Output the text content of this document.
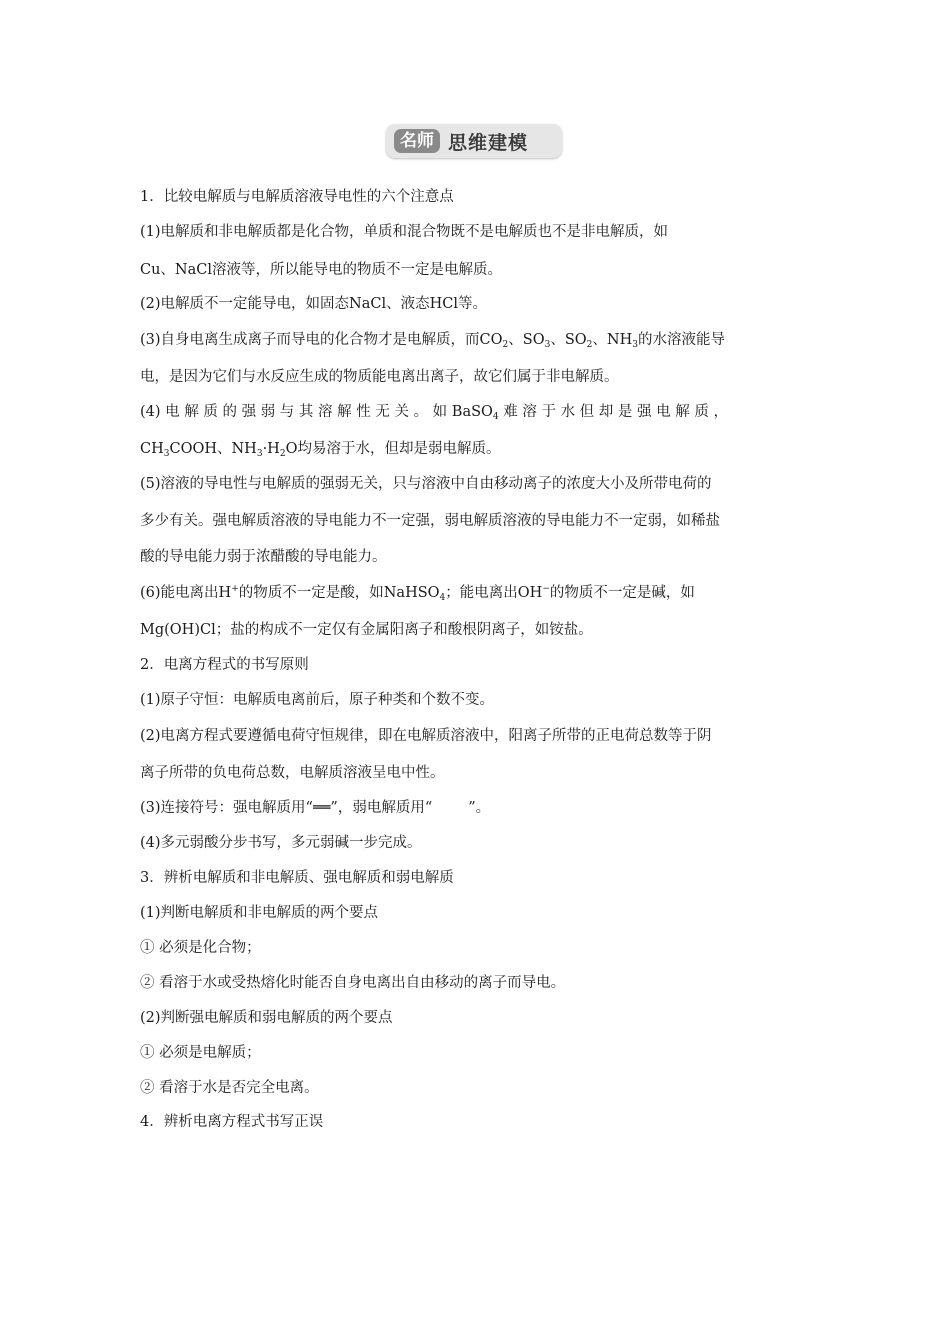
名师 思维建模
1．比较电解质与电解质溶液导电性的六个注意点
(1)电解质和非电解质都是化合物，单质和混合物既不是电解质也不是非电解质，如
Cu、NaCl溶液等，所以能导电的物质不一定是电解质。
(2)电解质不一定能导电，如固态NaCl、液态HCl等。
(3)自身电离生成离子而导电的化合物才是电解质，而$CO_2$、$SO_3$、$SO_2$、$NH_3$的水溶液能导
电，是因为它们与水反应生成的物质能电离出离子，故它们属于非电解质。
(4) 电 解 质 的 强 弱 与 其 溶 解 性 无 关 。 如 BaSO$_4$ 难 溶 于 水 但 却 是 强 电 解 质 ，
$CH_3COOH$、$NH_3\cdot H_2O$均易溶于水，但却是弱电解质。
(5)溶液的导电性与电解质的强弱无关，只与溶液中自由移动离子的浓度大小及所带电荷的
多少有关。强电解质溶液的导电能力不一定强，弱电解质溶液的导电能力不一定弱，如稀盐
酸的导电能力弱于浓醋酸的导电能力。
(6)能电离出H+的物质不一定是酸，如NaHSO$_4$；能电离出OH−的物质不一定是碱，如
Mg(OH)Cl；盐的构成不一定仅有金属阳离子和酸根阴离子，如铵盐。
2．电离方程式的书写原则
(1)原子守恒：电解质电离前后，原子种类和个数不变。
(2)电离方程式要遵循电荷守恒规律，即在电解质溶液中，阳离子所带的正电荷总数等于阴
离子所带的负电荷总数，电解质溶液呈电中性。
(3)连接符号：强电解质用“══”，弱电解质用“ ”。
(4)多元弱酸分步书写，多元弱碱一步完成。
3．辨析电解质和非电解质、强电解质和弱电解质
(1)判断电解质和非电解质的两个要点
① 必须是化合物；
② 看溶于水或受热熔化时能否自身电离出自由移动的离子而导电。
(2)判断强电解质和弱电解质的两个要点
① 必须是电解质；
② 看溶于水是否完全电离。
4．辨析电离方程式书写正误
